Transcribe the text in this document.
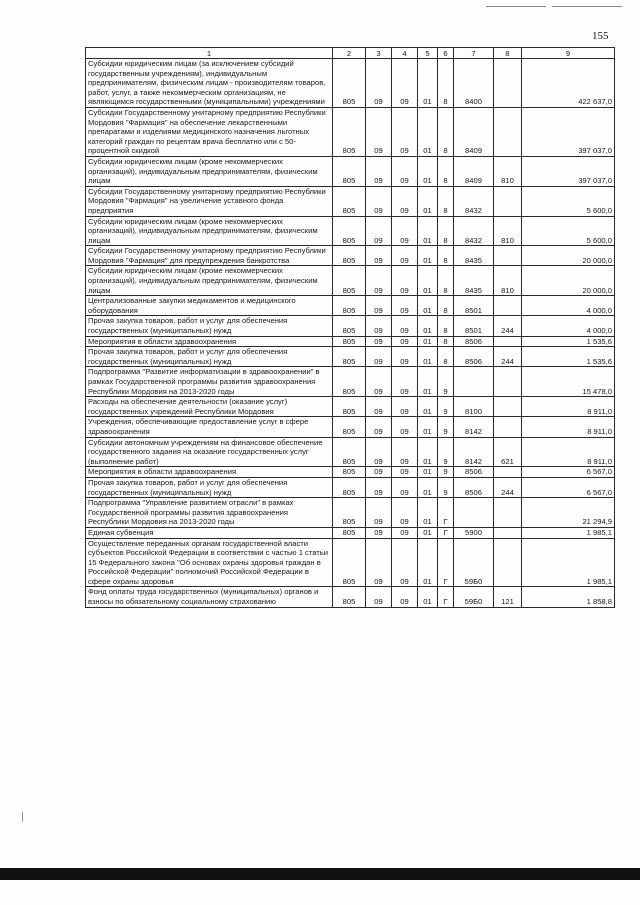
155
1	2	3	4	5	6	7	8	9
Субсидии юридическим лицам (за исключением субсидий государственным учреждениям), индивидуальным предпринимателям, физическим лицам - производителям товаров, работ, услуг, а также некоммерческим организациям, не являющимся государственными (муниципальными) учреждениями	805	09	09	01	8	8400		422 637,0
Субсидии Государственному унитарному предприятию Республики Мордовия "Фармация" на обеспечение лекарственными препаратами и изделиями медицинского назначения льготных категорий граждан по рецептам врача бесплатно или с 50-процентной скидкой	805	09	09	01	8	8409		397 037,0
Субсидии юридическим лицам (кроме некоммерческих организаций), индивидуальным предпринимателям, физическим лицам	805	09	09	01	8	8409	810	397 037,0
Субсидии Государственному унитарному предприятию Республики Мордовия "Фармация" на увеличение уставного фонда предприятия	805	09	09	01	8	8432		5 600,0
Субсидии юридическим лицам (кроме некоммерческих организаций), индивидуальным предпринимателям, физическим лицам	805	09	09	01	8	8432	810	5 600,0
Субсидии Государственному унитарному предприятию Республики Мордовия "Фармация" для предупреждения банкротства	805	09	09	01	8	8435		20 000,0
Субсидии юридическим лицам (кроме некоммерческих организаций), индивидуальным предпринимателям, физическим лицам	805	09	09	01	8	8435	810	20 000,0
Централизованные закупки медикаментов и медицинского оборудования	805	09	09	01	8	8501		4 000,0
Прочая закупка товаров, работ и услуг для обеспечения государственных (муниципальных) нужд	805	09	09	01	8	8501	244	4 000,0
Мероприятия в области здравоохранения	805	09	09	01	8	8506		1 535,6
Прочая закупка товаров, работ и услуг для обеспечения государственных (муниципальных) нужд	805	09	09	01	8	8506	244	1 535,6
Подпрограмма "Развитие информатизации в здравоохранении" в рамках Государственной программы развития здравоохранения Республики Мордовия на 2013-2020 годы	805	09	09	01	9			15 478,0
Расходы на обеспечение деятельности (оказание услуг) государственных учреждений Республики Мордовия	805	09	09	01	9	8100		8 911,0
Учреждения, обеспечивающие предоставление услуг в сфере здравоохранения	805	09	09	01	9	8142		8 911,0
Субсидии автономным учреждениям на финансовое обеспечение государственного задания на оказание государственных услуг (выполнение работ)	805	09	09	01	9	8142	621	8 911,0
Мероприятия в области здравоохранения	805	09	09	01	9	8506		6 567,0
Прочая закупка товаров, работ и услуг для обеспечения государственных (муниципальных) нужд	805	09	09	01	9	8506	244	6 567,0
Подпрограмма "Управление развитием отрасли" в рамках Государственной программы развития здравоохранения Республики Мордовия на 2013-2020 годы	805	09	09	01	Г			21 294,9
Единая субвенция	805	09	09	01	Г	5900		1 985,1
Осуществление переданных органам государственной власти субъектов Российской Федерации в соответствии с частью 1 статьи 15 Федерального закона "Об основах охраны здоровья граждан в Российской Федерации" полномочий Российской Федерации в сфере охраны здоровья	805	09	09	01	Г	59Б0		1 985,1
Фонд оплаты труда государственных (муниципальных) органов и взносы по обязательному социальному страхованию	805	09	09	01	Г	59Б0	121	1 858,8
